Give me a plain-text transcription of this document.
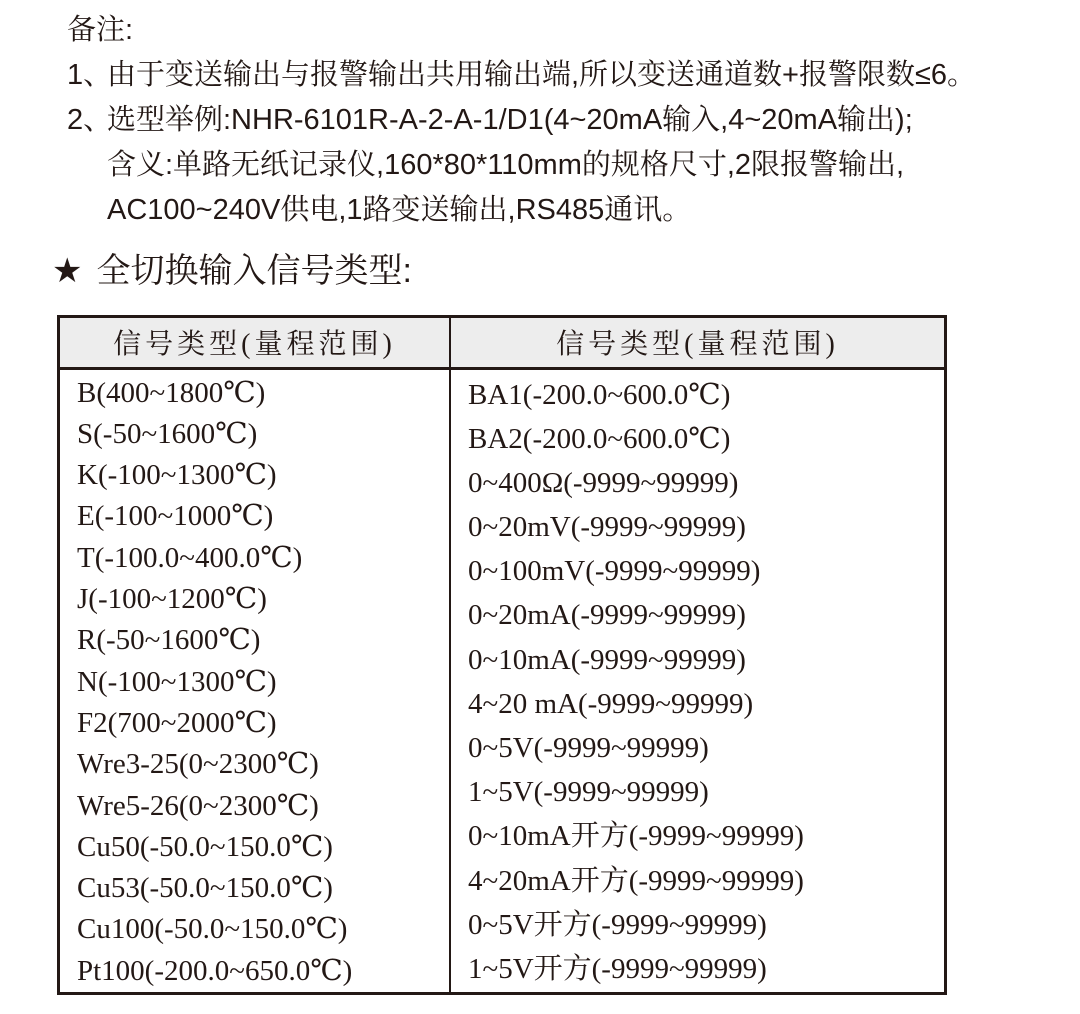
备注:
1、
由于变送输出与报警输出共用输出端,所以变送通道数+报警限数≤6。
2、
选型举例:NHR-6101R-A-2-A-1/D1(4~20mA输入,4~20mA输出);
含义:单路无纸记录仪,160*80*110mm的规格尺寸,2限报警输出,
AC100~240V供电,1路变送输出,RS485通讯。
★ 全切换输入信号类型:
信号类型(量程范围)	信号类型(量程范围)
B(400~1800℃)
S(-50~1600℃)
K(-100~1300℃)
E(-100~1000℃)
T(-100.0~400.0℃)
J(-100~1200℃)
R(-50~1600℃)
N(-100~1300℃)
F2(700~2000℃)
Wre3-25(0~2300℃)
Wre5-26(0~2300℃)
Cu50(-50.0~150.0℃)
Cu53(-50.0~150.0℃)
Cu100(-50.0~150.0℃)
Pt100(-200.0~650.0℃)
BA1(-200.0~600.0℃)
BA2(-200.0~600.0℃)
0~400Ω(-9999~99999)
0~20mV(-9999~99999)
0~100mV(-9999~99999)
0~20mA(-9999~99999)
0~10mA(-9999~99999)
4~20 mA(-9999~99999)
0~5V(-9999~99999)
1~5V(-9999~99999)
0~10mA开方(-9999~99999)
4~20mA开方(-9999~99999)
0~5V开方(-9999~99999)
1~5V开方(-9999~99999)
